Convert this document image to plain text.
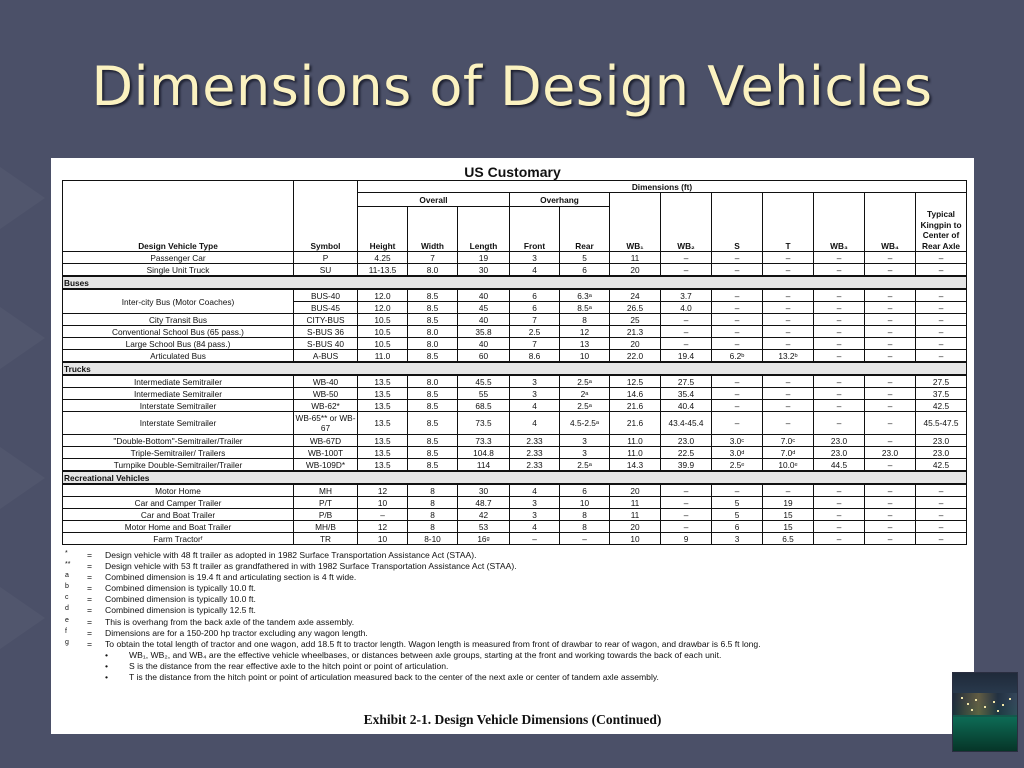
Dimensions of Design Vehicles
US Customary
Design Vehicle Type	Symbol	Dimensions (ft)											
		Overall			Overhang		WB₁	WB₂	S	T	WB₃	WB₄	Typical Kingpin to Center of Rear Axle
		Height	Width	Length	Front	Rear							
Passenger Car	P	4.25	7	19	3	5	11	–	–	–	–	–	–
Single Unit Truck	SU	11-13.5	8.0	30	4	6	20	–	–	–	–	–	–
Buses													
Inter-city Bus (Motor Coaches)	BUS-40	12.0	8.5	40	6	6.3ᵃ	24	3.7	–	–	–	–	–
	BUS-45	12.0	8.5	45	6	8.5ᵃ	26.5	4.0	–	–	–	–	–
City Transit Bus	CITY-BUS	10.5	8.5	40	7	8	25	–	–	–	–	–	–
Conventional School Bus (65 pass.)	S-BUS 36	10.5	8.0	35.8	2.5	12	21.3	–	–	–	–	–	–
Large School Bus (84 pass.)	S-BUS 40	10.5	8.0	40	7	13	20	–	–	–	–	–	–
Articulated Bus	A-BUS	11.0	8.5	60	8.6	10	22.0	19.4	6.2ᵇ	13.2ᵇ	–	–	–
Trucks													
Intermediate Semitrailer	WB-40	13.5	8.0	45.5	3	2.5ᵃ	12.5	27.5	–	–	–	–	27.5
Intermediate Semitrailer	WB-50	13.5	8.5	55	3	2ᵃ	14.6	35.4	–	–	–	–	37.5
Interstate Semitrailer	WB-62*	13.5	8.5	68.5	4	2.5ᵃ	21.6	40.4	–	–	–	–	42.5
Interstate Semitrailer	WB-65** or WB-67	13.5	8.5	73.5	4	4.5-2.5ᵃ	21.6	43.4-45.4	–	–	–	–	45.5-47.5
"Double-Bottom"-Semitrailer/Trailer	WB-67D	13.5	8.5	73.3	2.33	3	11.0	23.0	3.0ᶜ	7.0ᶜ	23.0	–	23.0
Triple-Semitrailer/ Trailers	WB-100T	13.5	8.5	104.8	2.33	3	11.0	22.5	3.0ᵈ	7.0ᵈ	23.0	23.0	23.0
Turnpike Double-Semitrailer/Trailer	WB-109D*	13.5	8.5	114	2.33	2.5ᵃ	14.3	39.9	2.5ᵉ	10.0ᵉ	44.5	–	42.5
Recreational Vehicles													
Motor Home	MH	12	8	30	4	6	20	–	–	–	–	–	–
Car and Camper Trailer	P/T	10	8	48.7	3	10	11	–	5	19	–	–	–
Car and Boat Trailer	P/B	–	8	42	3	8	11	–	5	15	–	–	–
Motor Home and Boat Trailer	MH/B	12	8	53	4	8	20	–	6	15	–	–	–
Farm Tractorᶠ	TR	10	8-10	16ᵍ	–	–	10	9	3	6.5	–	–	–
*	= Design vehicle with 48 ft trailer as adopted in 1982 Surface Transportation Assistance Act (STAA).
**	= Design vehicle with 53 ft trailer as grandfathered in with 1982 Surface Transportation Assistance Act (STAA).
a	= Combined dimension is 19.4 ft and articulating section is 4 ft wide.
b	= Combined dimension is typically 10.0 ft.
c	= Combined dimension is typically 10.0 ft.
d	= Combined dimension is typically 12.5 ft.
e	= This is overhang from the back axle of the tandem axle assembly.
f	= Dimensions are for a 150-200 hp tractor excluding any wagon length.
g	= To obtain the total length of tractor and one wagon, add 18.5 ft to tractor length. Wagon length is measured from front of drawbar to rear of wagon, and drawbar is 6.5 ft long.
• WB₁, WB₂, and WB₄ are the effective vehicle wheelbases, or distances between axle groups, starting at the front and working towards the back of each unit.
• S is the distance from the rear effective axle to the hitch point or point of articulation.
• T is the distance from the hitch point or point of articulation measured back to the center of the next axle or center of tandem axle assembly.
Exhibit 2-1. Design Vehicle Dimensions (Continued)
